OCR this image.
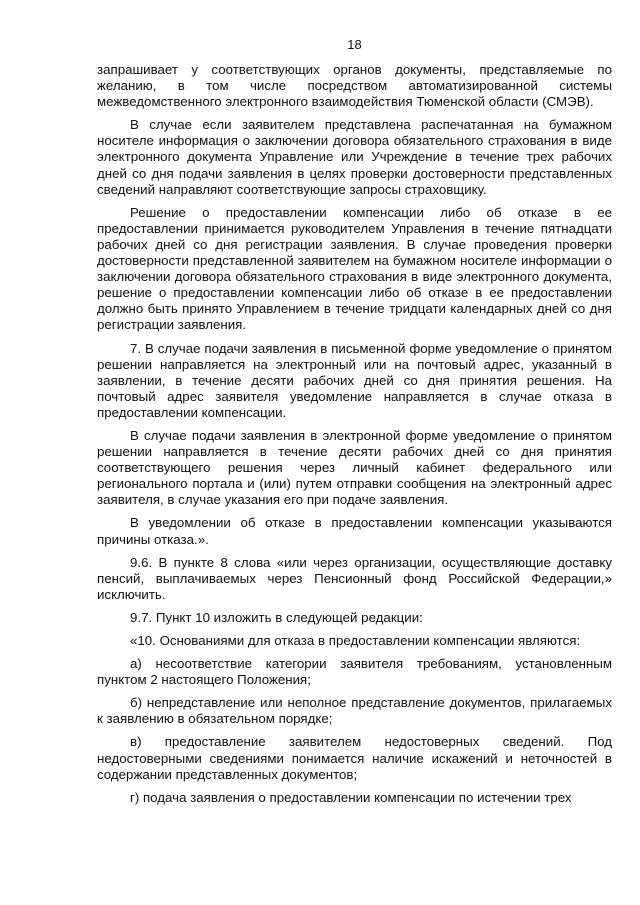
18

запрашивает у соответствующих органов документы, представляемые по желанию, в том числе посредством автоматизированной системы межведомственного электронного взаимодействия Тюменской области (СМЭВ).

В случае если заявителем представлена распечатанная на бумажном носителе информация о заключении договора обязательного страхования в виде электронного документа Управление или Учреждение в течение трех рабочих дней со дня подачи заявления в целях проверки достоверности представленных сведений направляют соответствующие запросы страховщику.

Решение о предоставлении компенсации либо об отказе в ее предоставлении принимается руководителем Управления в течение пятнадцати рабочих дней со дня регистрации заявления. В случае проведения проверки достоверности представленной заявителем на бумажном носителе информации о заключении договора обязательного страхования в виде электронного документа, решение о предоставлении компенсации либо об отказе в ее предоставлении должно быть принято Управлением в течение тридцати календарных дней со дня регистрации заявления.

7. В случае подачи заявления в письменной форме уведомление о принятом решении направляется на электронный или на почтовый адрес, указанный в заявлении, в течение десяти рабочих дней со дня принятия решения. На почтовый адрес заявителя уведомление направляется в случае отказа в предоставлении компенсации.

В случае подачи заявления в электронной форме уведомление о принятом решении направляется в течение десяти рабочих дней со дня принятия соответствующего решения через личный кабинет федерального или регионального портала и (или) путем отправки сообщения на электронный адрес заявителя, в случае указания его при подаче заявления.

В уведомлении об отказе в предоставлении компенсации указываются причины отказа.».

9.6. В пункте 8 слова «или через организации, осуществляющие доставку пенсий, выплачиваемых через Пенсионный фонд Российской Федерации,» исключить.

9.7. Пункт 10 изложить в следующей редакции:

«10. Основаниями для отказа в предоставлении компенсации являются:

а) несоответствие категории заявителя требованиям, установленным пунктом 2 настоящего Положения;

б) непредставление или неполное представление документов, прилагаемых к заявлению в обязательном порядке;

в) предоставление заявителем недостоверных сведений. Под недостоверными сведениями понимается наличие искажений и неточностей в содержании представленных документов;

г) подача заявления о предоставлении компенсации по истечении трех
